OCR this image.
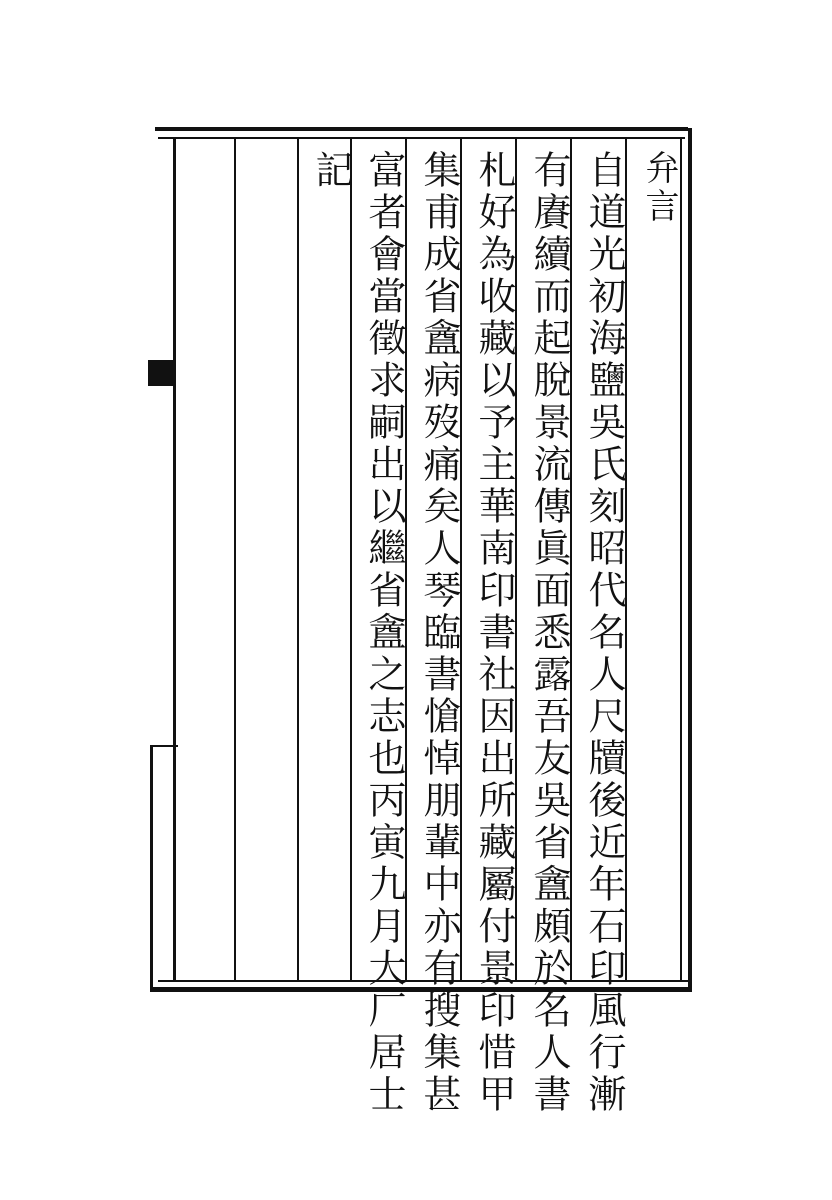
弁言
自道光初海鹽吳氏刻昭代名人尺牘後近年石印風行漸
有賡續而起脫景流傳眞面悉露吾友吳省盦頗於名人書
札好為收藏以予主華南印書社因出所藏屬付景印惜甲
集甫成省盦病歿痛矣人琴臨書愴悼朋輩中亦有搜集甚
富者會當徵求嗣出以繼省盦之志也丙寅九月大厂居士
記
